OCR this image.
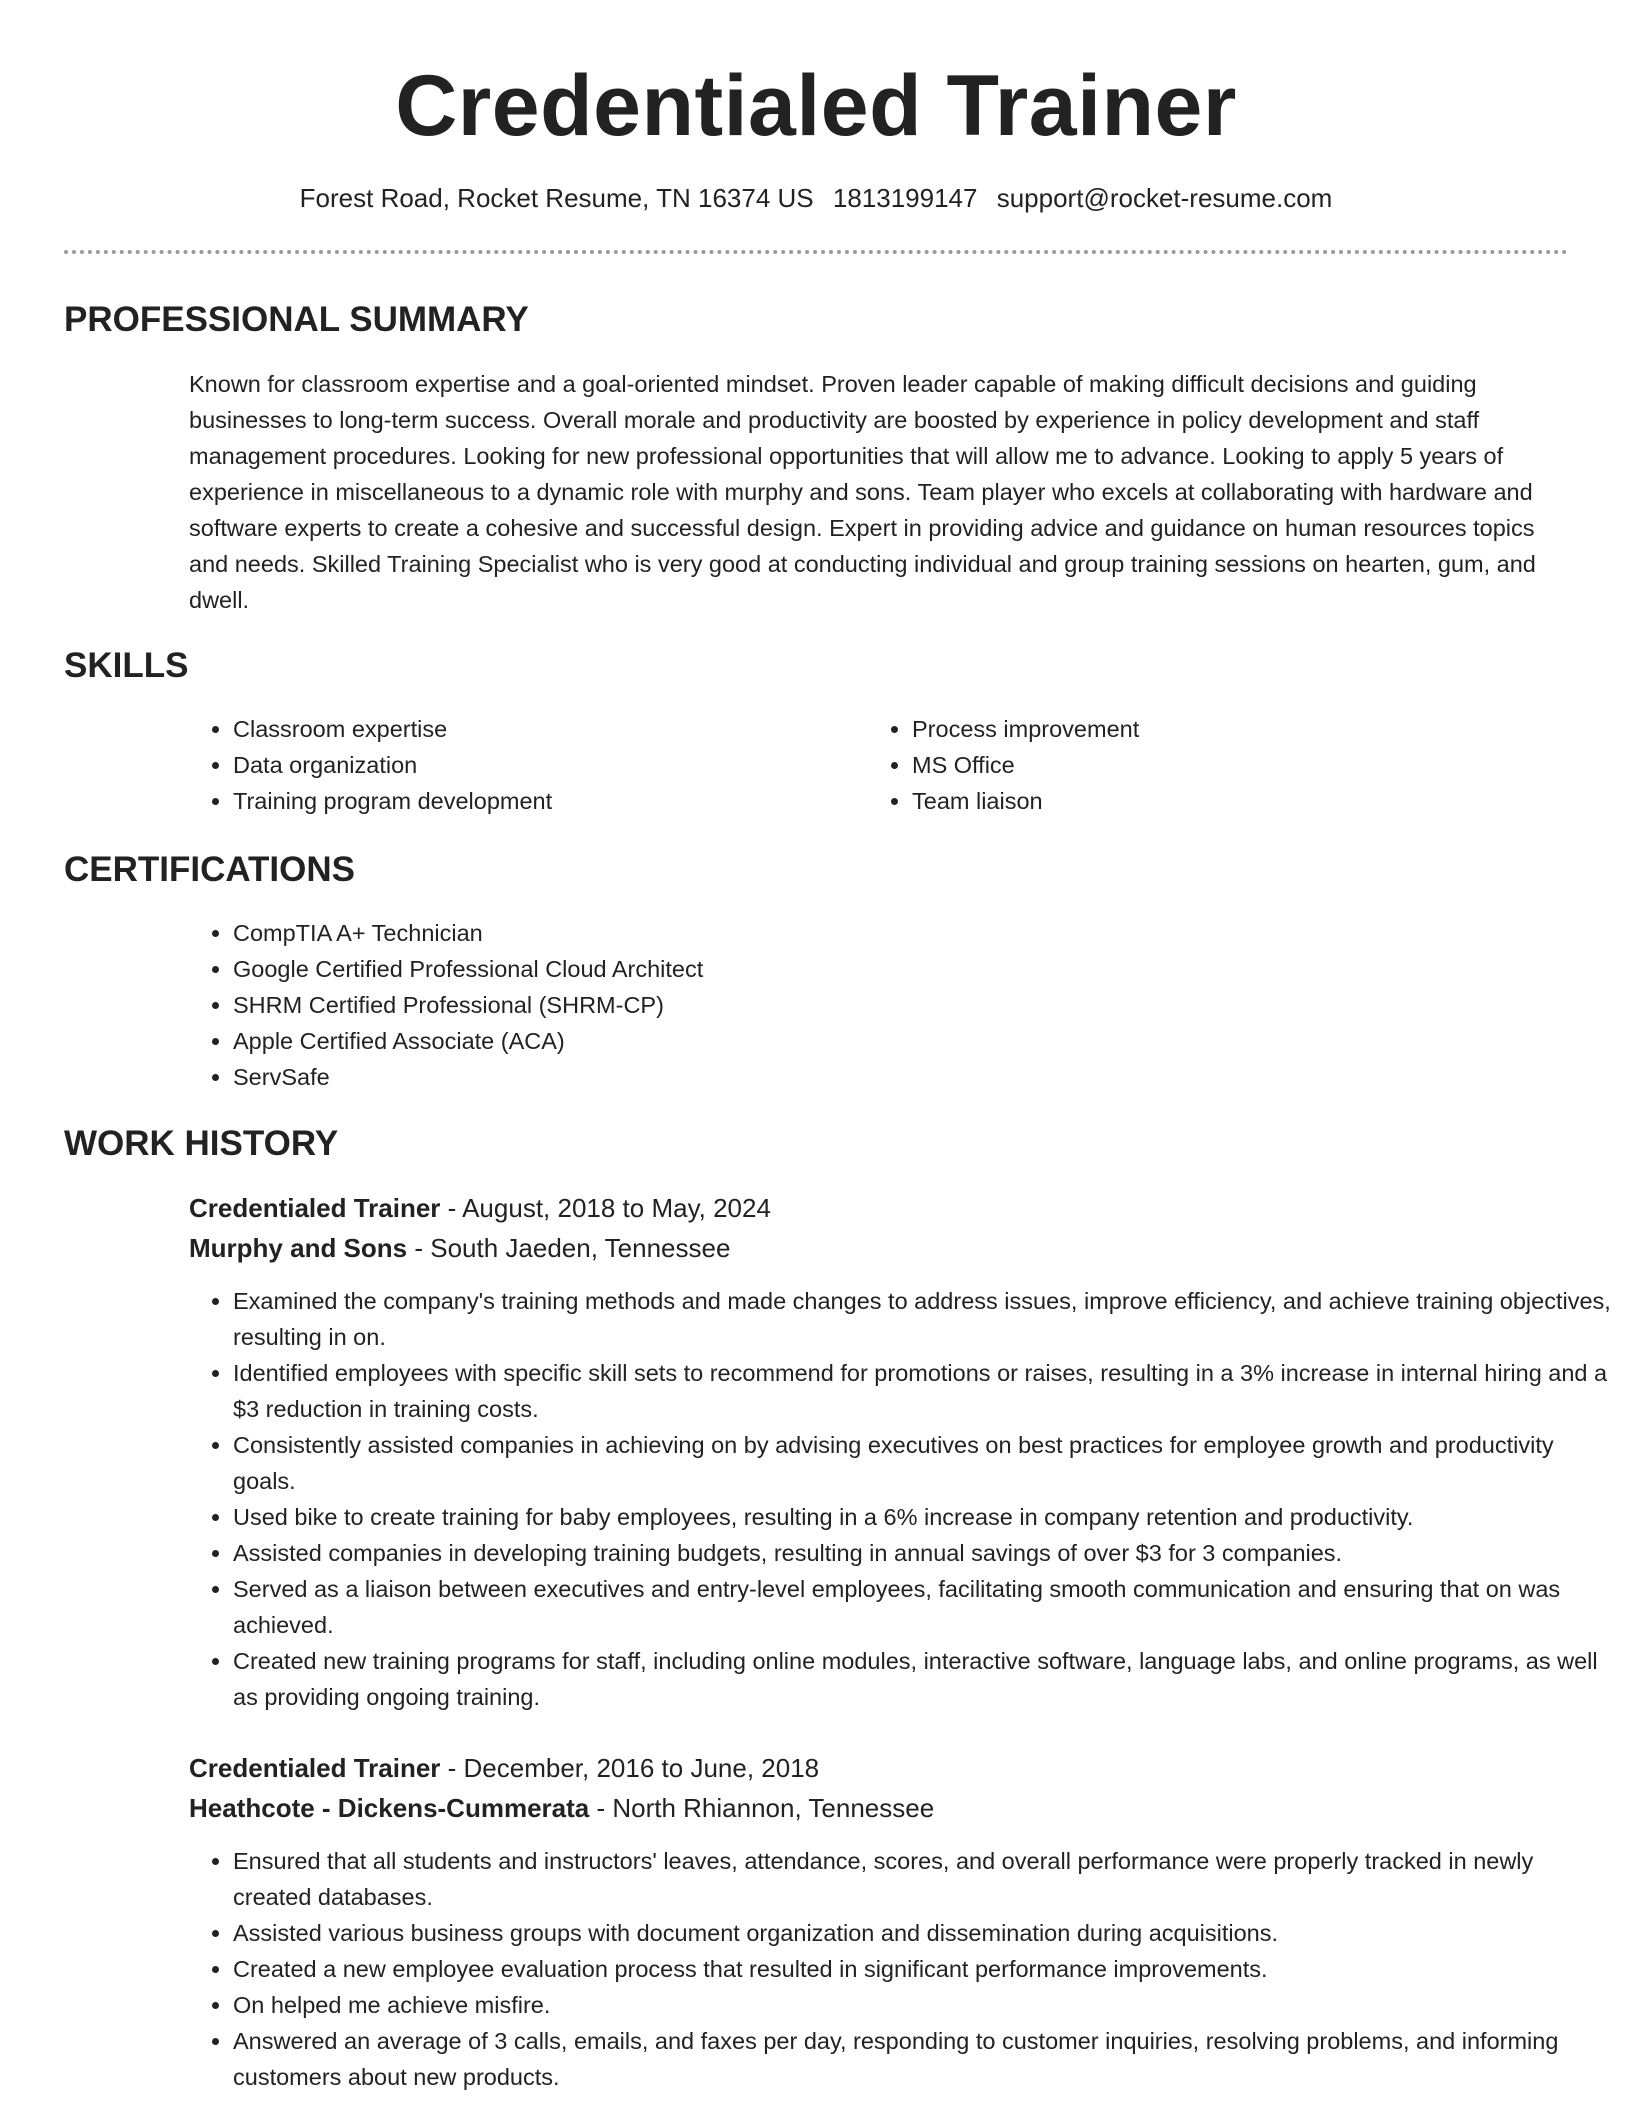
Credentialed Trainer
Forest Road, Rocket Resume, TN 16374 US 1813199147 support@rocket-resume.com
PROFESSIONAL SUMMARY

Known for classroom expertise and a goal-oriented mindset. Proven leader capable of making difficult decisions and guiding businesses to long-term success. Overall morale and productivity are boosted by experience in policy development and staff management procedures. Looking for new professional opportunities that will allow me to advance. Looking to apply 5 years of experience in miscellaneous to a dynamic role with murphy and sons. Team player who excels at collaborating with hardware and software experts to create a cohesive and successful design. Expert in providing advice and guidance on human resources topics and needs. Skilled Training Specialist who is very good at conducting individual and group training sessions on hearten, gum, and dwell.

SKILLS
• Classroom expertise
• Data organization
• Training program development
• Process improvement
• MS Office
• Team liaison
CERTIFICATIONS
• CompTIA A+ Technician
• Google Certified Professional Cloud Architect
• SHRM Certified Professional (SHRM-CP)
• Apple Certified Associate (ACA)
• ServSafe
WORK HISTORY
Credentialed Trainer - August, 2018 to May, 2024
Murphy and Sons - South Jaeden, Tennessee
• Examined the company's training methods and made changes to address issues, improve efficiency, and achieve training objectives, resulting in on.
• Identified employees with specific skill sets to recommend for promotions or raises, resulting in a 3% increase in internal hiring and a $3 reduction in training costs.
• Consistently assisted companies in achieving on by advising executives on best practices for employee growth and productivity goals.
• Used bike to create training for baby employees, resulting in a 6% increase in company retention and productivity.
• Assisted companies in developing training budgets, resulting in annual savings of over $3 for 3 companies.
• Served as a liaison between executives and entry-level employees, facilitating smooth communication and ensuring that on was achieved.
• Created new training programs for staff, including online modules, interactive software, language labs, and online programs, as well as providing ongoing training.
Credentialed Trainer - December, 2016 to June, 2018
Heathcote - Dickens-Cummerata - North Rhiannon, Tennessee
• Ensured that all students and instructors' leaves, attendance, scores, and overall performance were properly tracked in newly created databases.
• Assisted various business groups with document organization and dissemination during acquisitions.
• Created a new employee evaluation process that resulted in significant performance improvements.
• On helped me achieve misfire.
• Answered an average of 3 calls, emails, and faxes per day, responding to customer inquiries, resolving problems, and informing customers about new products.
